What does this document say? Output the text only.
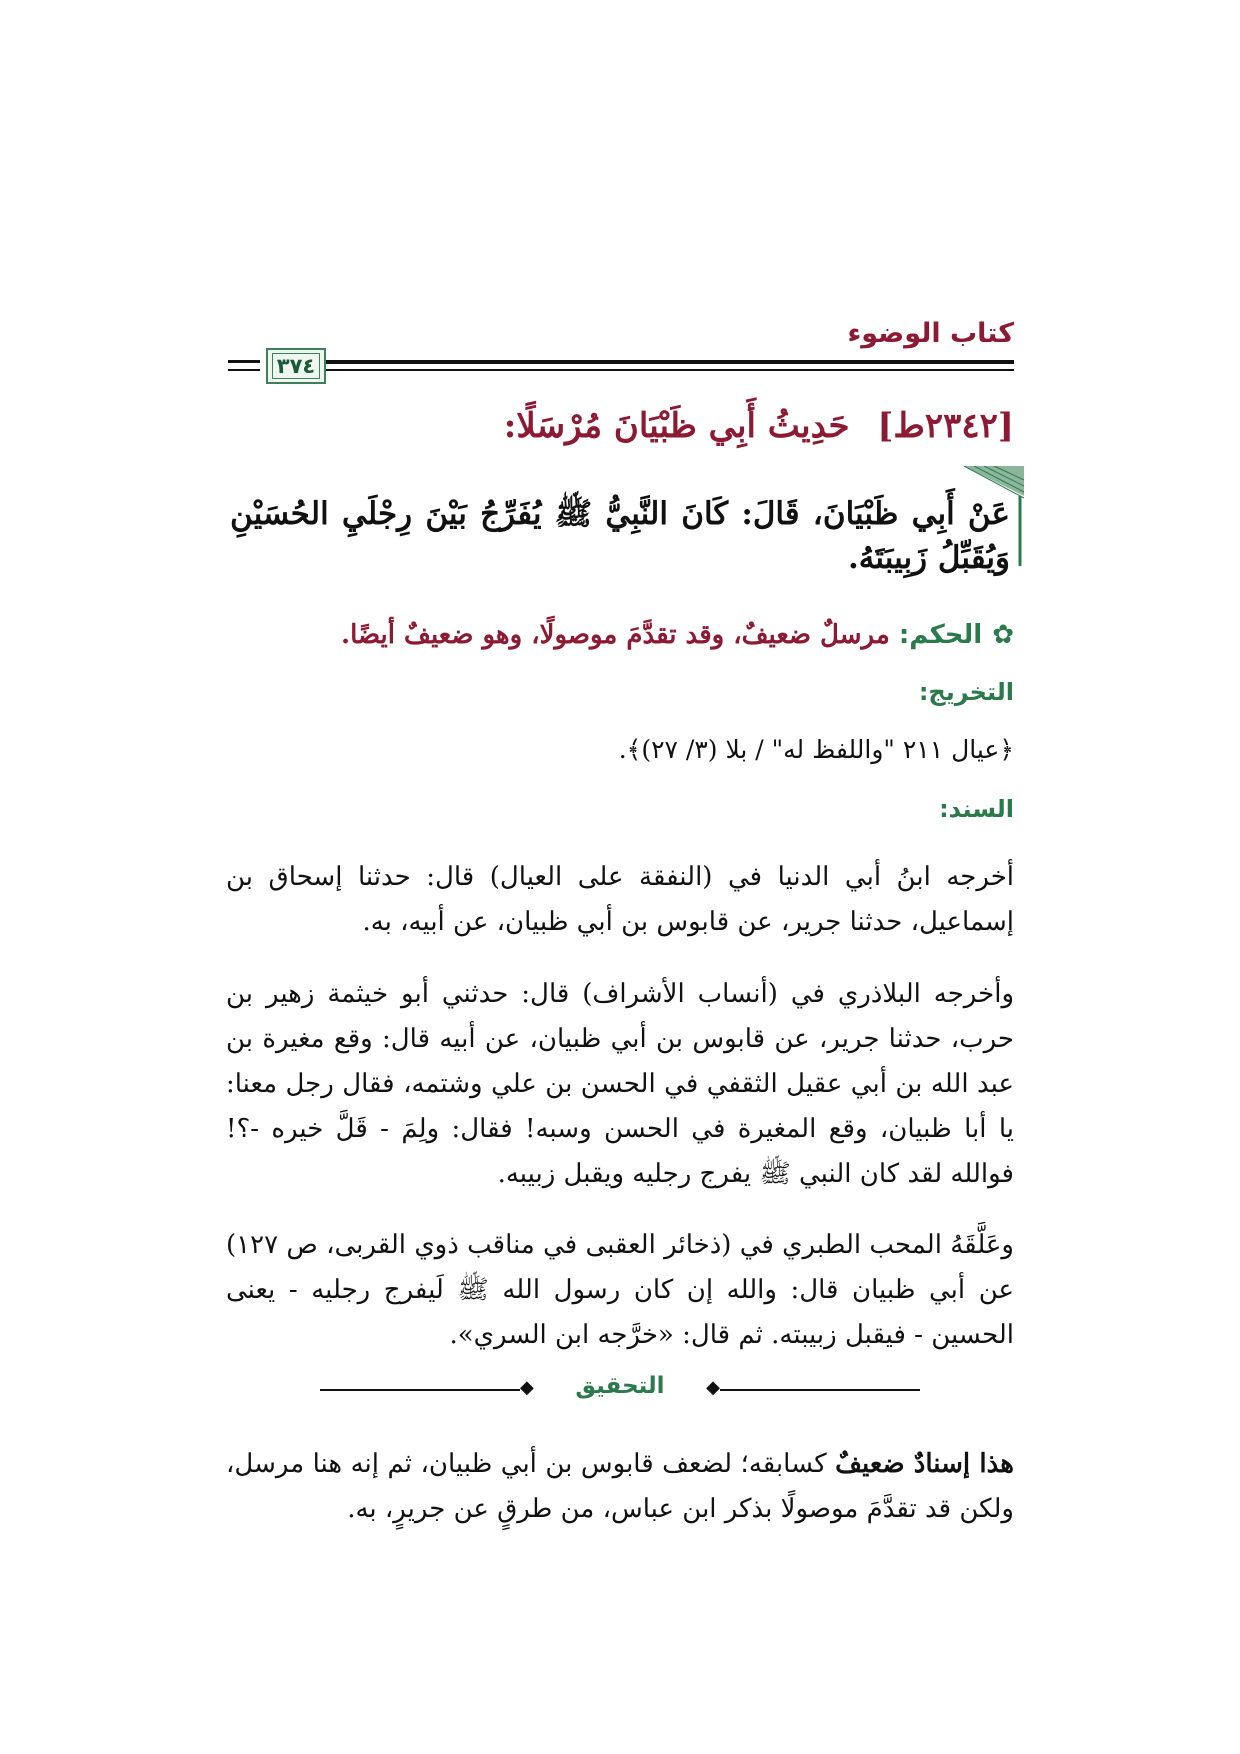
كتاب الوضوء
٣٧٤
[٢٣٤٢ط] حَدِيثُ أَبِي ظَبْيَانَ مُرْسَلًا:
عَنْ أَبِي ظَبْيَانَ، قَالَ: كَانَ النَّبِيُّ ﷺ يُفَرِّجُ بَيْنَ رِجْلَيِ الحُسَيْنِ وَيُقَبِّلُ زَبِيبَتَهُ.
✿الحكم: مرسلٌ ضعيفٌ، وقد تقدَّمَ موصولًا، وهو ضعيفٌ أيضًا.
التخريج:
﴿عيال ٢١١ "واللفظ له" / بلا (٣/ ٢٧)﴾.
السند:
أخرجه ابنُ أبي الدنيا في (النفقة على العيال) قال: حدثنا إسحاق بن إسماعيل، حدثنا جرير، عن قابوس بن أبي ظبيان، عن أبيه، به.
وأخرجه البلاذري في (أنساب الأشراف) قال: حدثني أبو خيثمة زهير بن حرب، حدثنا جرير، عن قابوس بن أبي ظبيان، عن أبيه قال: وقع مغيرة بن عبد الله بن أبي عقيل الثقفي في الحسن بن علي وشتمه، فقال رجل معنا: يا أبا ظبيان، وقع المغيرة في الحسن وسبه! فقال: ولِمَ - قَلَّ خيره -؟! فوالله لقد كان النبي ﷺ يفرج رجليه ويقبل زبيبه.
وعَلَّقَهُ المحب الطبري في (ذخائر العقبى في مناقب ذوي القربى، ص ١٢٧) عن أبي ظبيان قال: والله إن كان رسول الله ﷺ لَيفرج رجليه - يعنى الحسين - فيقبل زبيبته. ثم قال: «خرَّجه ابن السري».
◆
◆	التحقيق
هذا إسنادٌ ضعيفٌ كسابقه؛ لضعف قابوس بن أبي ظبيان، ثم إنه هنا مرسل، ولكن قد تقدَّمَ موصولًا بذكر ابن عباس، من طرقٍ عن جريرٍ، به.
